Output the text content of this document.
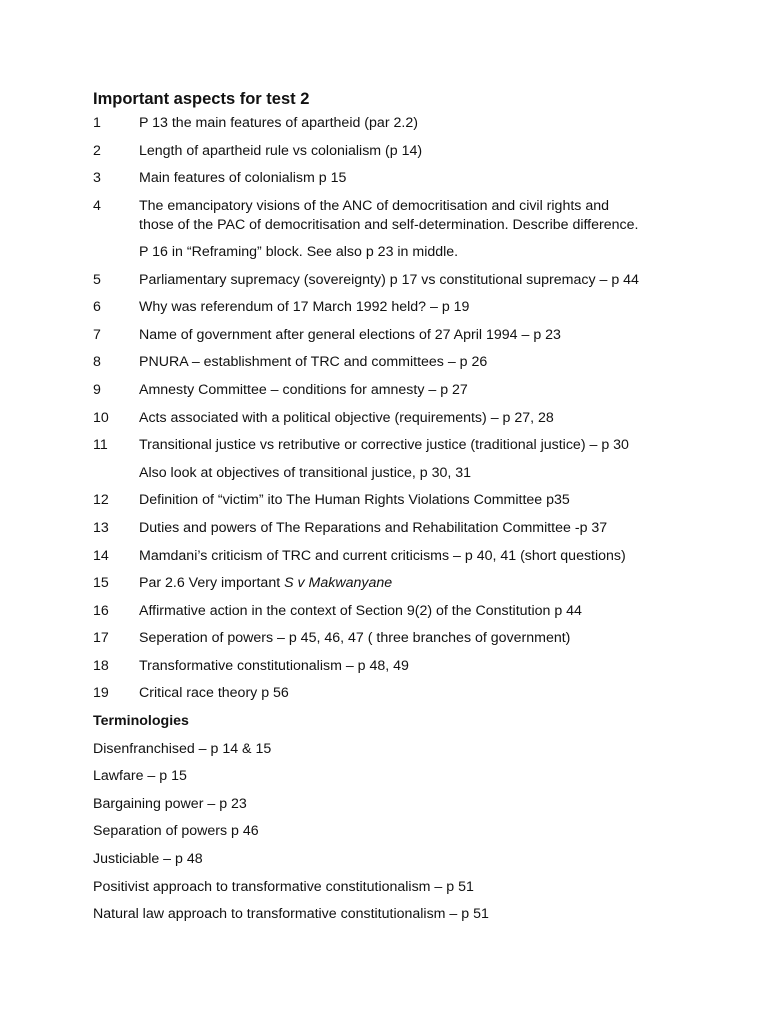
Important aspects for test 2
1	P 13 the main features of apartheid (par 2.2)
2	Length of apartheid rule vs colonialism (p 14)
3	Main features of colonialism p 15
4	The emancipatory visions of the ANC of democritisation and civil rights and
those of the PAC of democritisation and self-determination. Describe difference.
P 16 in “Reframing” block. See also p 23 in middle.
5	Parliamentary supremacy (sovereignty) p 17 vs constitutional supremacy – p 44
6	Why was referendum of 17 March 1992 held? – p 19
7	Name of government after general elections of 27 April 1994 – p 23
8	PNURA – establishment of TRC and committees – p 26
9	Amnesty Committee – conditions for amnesty – p 27
10	Acts associated with a political objective (requirements) – p 27, 28
11	Transitional justice vs retributive or corrective justice (traditional justice) – p 30
Also look at objectives of transitional justice, p 30, 31
12	Definition of “victim” ito The Human Rights Violations Committee p35
13	Duties and powers of The Reparations and Rehabilitation Committee -p 37
14	Mamdani’s criticism of TRC and current criticisms – p 40, 41 (short questions)
15	Par 2.6 Very important S v Makwanyane
16	Affirmative action in the context of Section 9(2) of the Constitution p 44
17	Seperation of powers – p 45, 46, 47 ( three branches of government)
18	Transformative constitutionalism – p 48, 49
19	Critical race theory p 56
Terminologies
Disenfranchised – p 14 & 15
Lawfare – p 15
Bargaining power – p 23
Separation of powers p 46
Justiciable – p 48
Positivist approach to transformative constitutionalism – p 51
Natural law approach to transformative constitutionalism – p 51
